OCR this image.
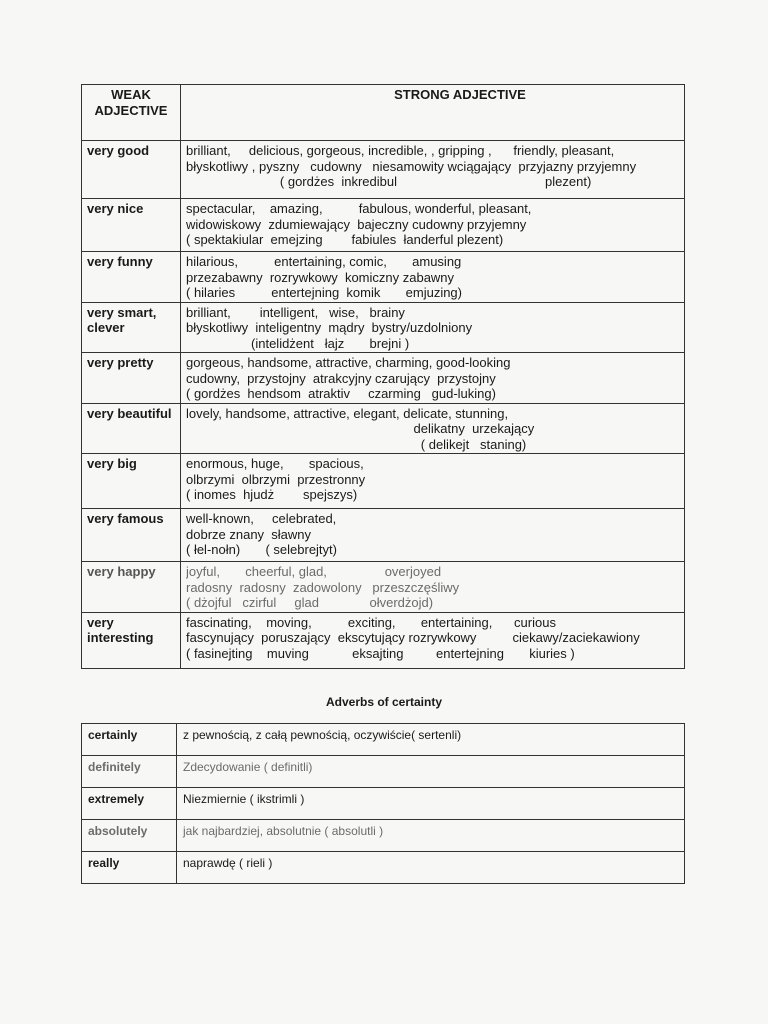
WEAK ADJECTIVE	STRONG ADJECTIVE
very good	brilliant,     delicious, gorgeous, incredible, , gripping ,      friendly, pleasant,
błyskotliwy , pyszny   cudowny   niesamowity wciągający  przyjazny przyjemny
( gordżes  inkredibul                                         plezent)

very nice	spectacular,    amazing,          fabulous, wonderful, pleasant,
widowiskowy  zdumiewający  bajeczny cudowny przyjemny
( spektakiular  emejzing        fabiules  łanderful plezent)

very funny	hilarious,          entertaining, comic,       amusing
przezabawny  rozrywkowy  komiczny zabawny
( hilaries          entertejning  komik       emjuzing)

very smart, clever	brilliant,        intelligent,   wise,   brainy
błyskotliwy  inteligentny  mądry  bystry/uzdolniony
(intelidżent   łajz       brejni )

very pretty	gorgeous, handsome, attractive, charming, good-looking
cudowny,  przystojny  atrakcyjny czarujący  przystojny
( gordżes  hendsom  atraktiv     czarming   gud-luking)

very beautiful	lovely, handsome, attractive, elegant, delicate, stunning,
delikatny  urzekający
( delikejt   staning)

very big	enormous, huge,       spacious,
olbrzymi  olbrzymi  przestronny
( inomes  hjudż        spejszys)

very famous	well-known,     celebrated,
dobrze znany  sławny
( łel-nołn)       ( selebrejtyt)

very happy	joyful,       cheerful, glad,                overjoyed
radosny  radosny  zadowolony   przeszczęśliwy
( dżojful   czirful     glad              ołverdżojd)

very interesting	fascinating,    moving,          exciting,       entertaining,      curious
fascynujący  poruszający  ekscytujący rozrywkowy          ciekawy/zaciekawiony
( fasinejting    muving            eksajting         entertejning       kiuries )
Adverbs of certainty
certainly	z pewnością, z całą pewnością, oczywiście( sertenli)
definitely	Zdecydowanie ( definitli)
extremely	Niezmiernie ( ikstrimli )
absolutely	jak najbardziej, absolutnie ( absolutli )
really	naprawdę ( rieli )
